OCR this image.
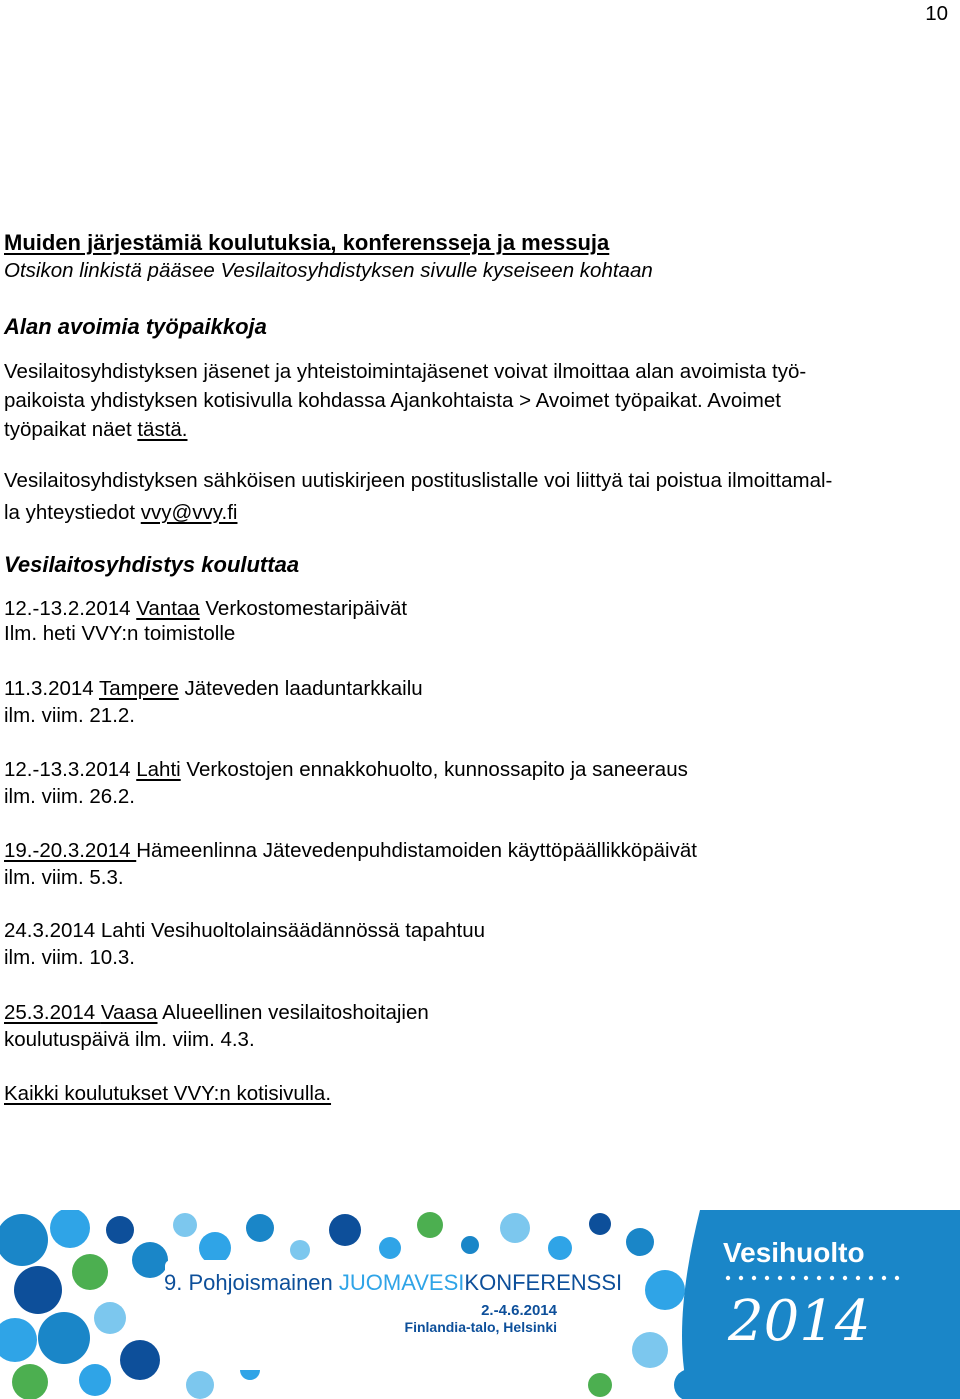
10
Muiden järjestämiä koulutuksia, konferensseja ja messuja
Otsikon linkistä pääsee Vesilaitosyhdistyksen sivulle kyseiseen kohtaan
Alan avoimia työpaikkoja
Vesilaitosyhdistyksen jäsenet ja yhteistoimintajäsenet voivat ilmoittaa alan avoimista työ-
paikoista yhdistyksen kotisivulla kohdassa Ajankohtaista > Avoimet työpaikat. Avoimet
työpaikat näet tästä.
Vesilaitosyhdistyksen sähköisen uutiskirjeen postituslistalle voi liittyä tai poistua ilmoittamal-
la yhteystiedot vvy@vvy.fi
Vesilaitosyhdistys kouluttaa
12.-13.2.2014 Vantaa Verkostomestaripäivät
Ilm. heti VVY:n toimistolle
11.3.2014 Tampere Jäteveden laaduntarkkailu
ilm. viim. 21.2.
12.-13.3.2014 Lahti Verkostojen ennakkohuolto, kunnossapito ja saneeraus
ilm. viim. 26.2.
19.-20.3.2014 Hämeenlinna Jätevedenpuhdistamoiden käyttöpäällikköpäivät
ilm. viim. 5.3.
24.3.2014 Lahti Vesihuoltolainsäädännössä tapahtuu
ilm. viim. 10.3.
25.3.2014 Vaasa Alueellinen vesilaitoshoitajien
koulutuspäivä ilm. viim. 4.3.
Kaikki koulutukset VVY:n kotisivulla.
9. Pohjoismainen JUOMAVESIKONFERENSSI
2.-4.6.2014
Finlandia-talo, Helsinki
Vesihuolto
2014
